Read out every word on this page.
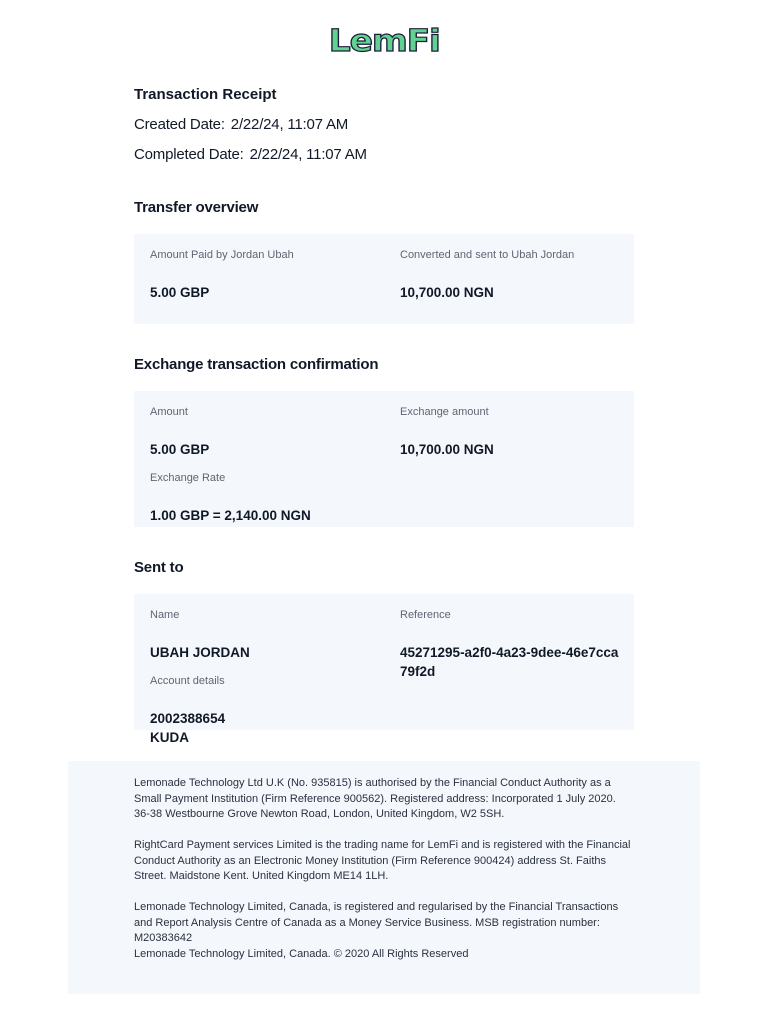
LemFi
Transaction Receipt
Created Date: 2/22/24, 11:07 AM
Completed Date: 2/22/24, 11:07 AM
Transfer overview
Amount Paid by Jordan Ubah
5.00 GBP
Converted and sent to Ubah Jordan
10,700.00 NGN
Exchange transaction confirmation
Amount
5.00 GBP
Exchange amount
10,700.00 NGN
Exchange Rate
1.00 GBP = 2,140.00 NGN
Sent to
Name
UBAH JORDAN
Reference
45271295-a2f0-4a23-9dee-46e7cca79f2d
Account details
2002388654
KUDA

Lemonade Technology Ltd U.K (No. 935815) is authorised by the Financial Conduct Authority as a Small Payment Institution (Firm Reference 900562). Registered address: Incorporated 1 July 2020. 36-38 Westbourne Grove Newton Road, London, United Kingdom, W2 5SH.

RightCard Payment services Limited is the trading name for LemFi and is registered with the Financial Conduct Authority as an Electronic Money Institution (Firm Reference 900424) address St. Faiths Street. Maidstone Kent. United Kingdom ME14 1LH.

Lemonade Technology Limited, Canada, is registered and regularised by the Financial Transactions and Report Analysis Centre of Canada as a Money Service Business. MSB registration number: M20383642

Lemonade Technology Limited, Canada. © 2020 All Rights Reserved
